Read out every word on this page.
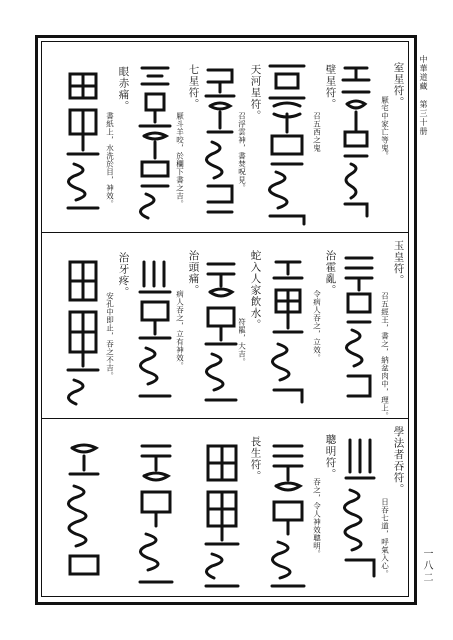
中華道藏　第三十册
一八二
室星符。
厭宅中家亡等鬼。
壁星符。
召五西之鬼
天河星符。
召浮雲神，書焚呪見。
七星符。
厭斗羊咬，於欄下書之吉。
眼赤痛。
書紙上，水洗於目，神效。
玉皇符。
召五經王，書之，納盆肉中，理上。
治霍亂。
令病人吞之，立效。
蛇入人家飲水。
符罷，大吉。
治頭痛。
病人吞之，立有神效。
治牙疼。
安孔中即止，吞之不吉。
學法者吞符。
日吞七道，呼氣入心。
聰明符。
吞之，令人神效聰明。
長生符。
